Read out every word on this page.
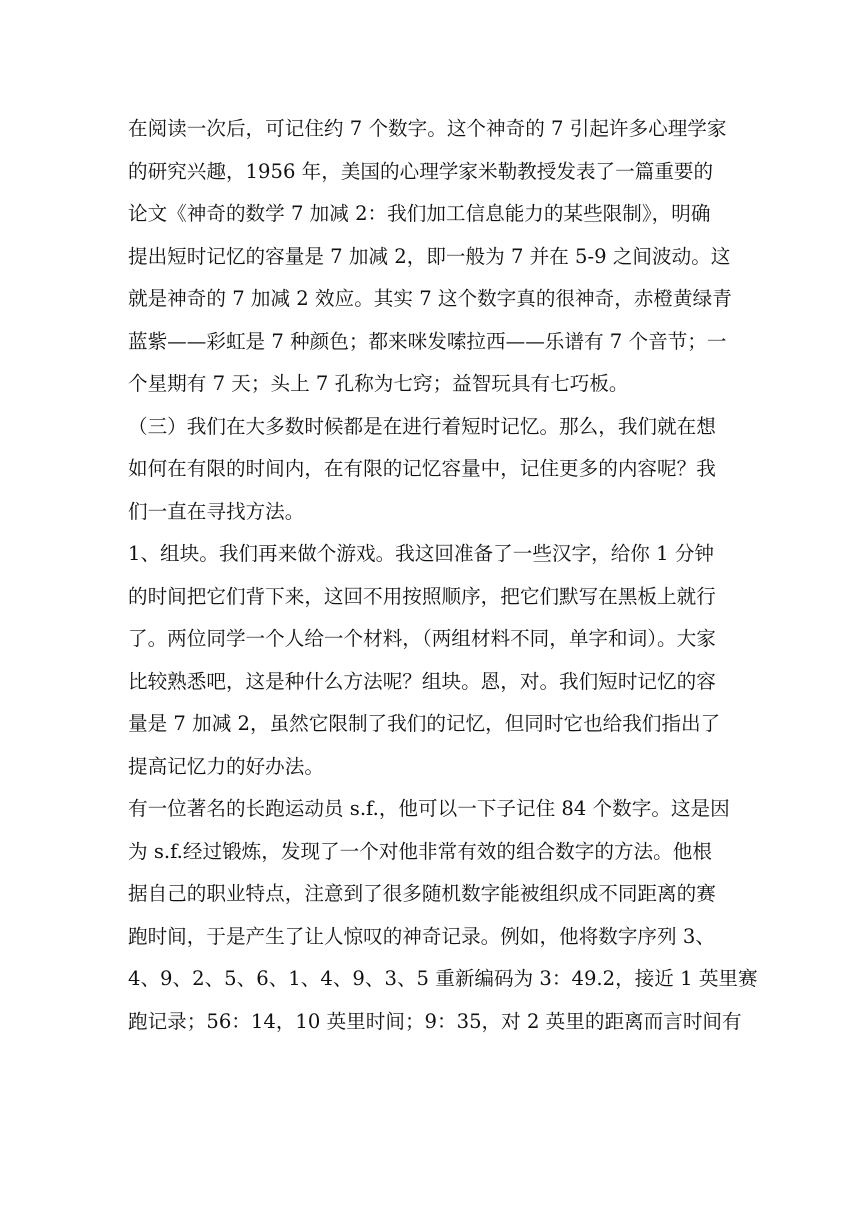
在阅读一次后，可记住约 7 个数字。这个神奇的 7 引起许多心理学家
的研究兴趣，1956 年，美国的心理学家米勒教授发表了一篇重要的
论文《神奇的数学 7 加减 2：我们加工信息能力的某些限制》，明确
提出短时记忆的容量是 7 加减 2，即一般为 7 并在 5-9 之间波动。这
就是神奇的 7 加减 2 效应。其实 7 这个数字真的很神奇，赤橙黄绿青
蓝紫——彩虹是 7 种颜色；都来咪发嗦拉西——乐谱有 7 个音节；一
个星期有 7 天；头上 7 孔称为七窍；益智玩具有七巧板。
（三）我们在大多数时候都是在进行着短时记忆。那么，我们就在想
如何在有限的时间内，在有限的记忆容量中，记住更多的内容呢？我
们一直在寻找方法。
1、组块。我们再来做个游戏。我这回准备了一些汉字，给你 1 分钟
的时间把它们背下来，这回不用按照顺序，把它们默写在黑板上就行
了。两位同学一个人给一个材料，（两组材料不同，单字和词）。大家
比较熟悉吧，这是种什么方法呢？组块。恩，对。我们短时记忆的容
量是 7 加减 2，虽然它限制了我们的记忆，但同时它也给我们指出了
提高记忆力的好办法。
有一位著名的长跑运动员 s.f.，他可以一下子记住 84 个数字。这是因
为 s.f.经过锻炼，发现了一个对他非常有效的组合数字的方法。他根
据自己的职业特点，注意到了很多随机数字能被组织成不同距离的赛
跑时间，于是产生了让人惊叹的神奇记录。例如，他将数字序列 3、
4、9、2、5、6、1、4、9、3、5 重新编码为 3：49.2，接近 1 英里赛
跑记录；56：14，10 英里时间；9：35，对 2 英里的距离而言时间有
